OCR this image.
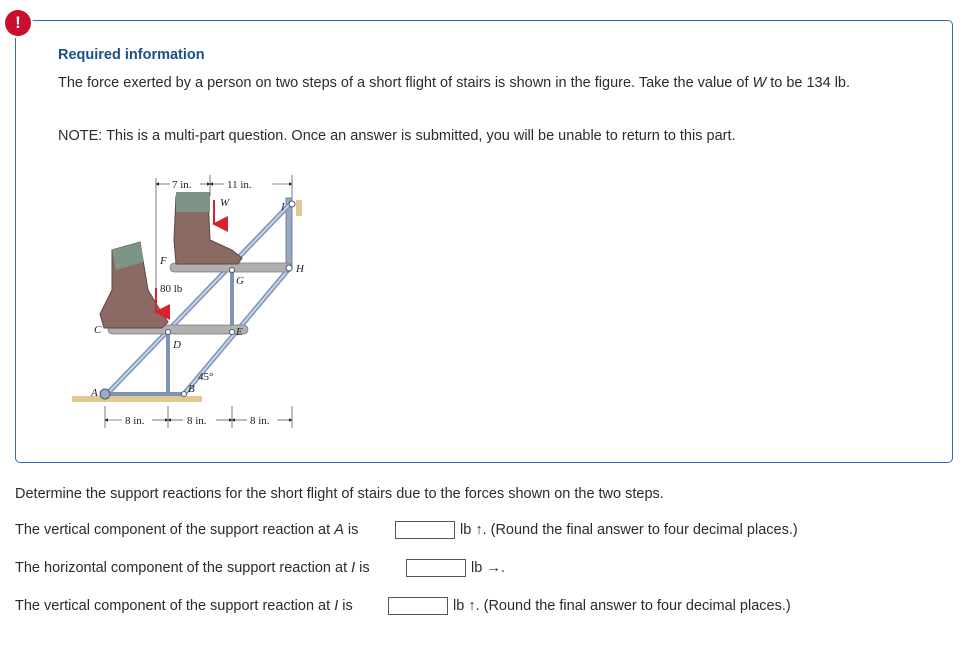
!
Required information
The force exerted by a person on two steps of a short flight of stairs is shown in the figure. Take the value of W to be 134 lb.
NOTE: This is a multi-part question. Once an answer is submitted, you will be unable to return to this part.
7 in.	11 in.
8 in.	8 in.	8 in.
W
80 lb
45°
A	B
C
D
E
F
G
H
I
Determine the support reactions for the short flight of stairs due to the forces shown on the two steps.
The vertical component of the support reaction at A is	lb ↑. (Round the final answer to four decimal places.)
The horizontal component of the support reaction at I is	lb →.
The vertical component of the support reaction at I is	lb ↑. (Round the final answer to four decimal places.)
